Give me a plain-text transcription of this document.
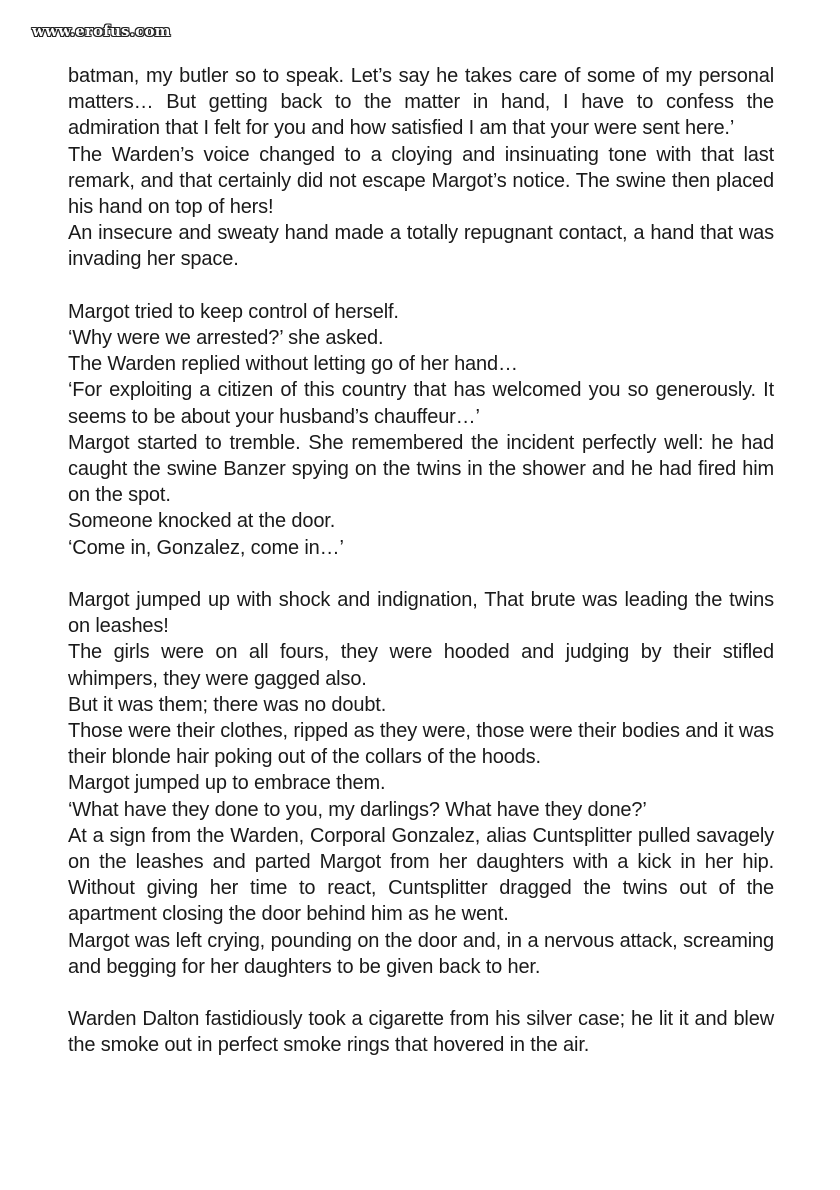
www.erofus.com

batman, my butler so to speak. Let’s say he takes care of some of my personal matters… But getting back to the matter in hand, I have to confess the admiration that I felt for you and how satisfied I am that your were sent here.’

The Warden’s voice changed to a cloying and insinuating tone with that last remark, and that certainly did not escape Margot’s notice. The swine then placed his hand on top of hers!

An insecure and sweaty hand made a totally repugnant contact, a hand that was invading her space.

Margot tried to keep control of herself.

‘Why were we arrested?’ she asked.

The Warden replied without letting go of her hand…

‘For exploiting a citizen of this country that has welcomed you so generously. It seems to be about your husband’s chauffeur…’

Margot started to tremble. She remembered the incident perfectly well: he had caught the swine Banzer spying on the twins in the shower and he had fired him on the spot.

Someone knocked at the door.

‘Come in, Gonzalez, come in…’

Margot jumped up with shock and indignation, That brute was leading the twins on leashes!

The girls were on all fours, they were hooded and judging by their stifled whimpers, they were gagged also.

But it was them; there was no doubt.

Those were their clothes, ripped as they were, those were their bodies and it was their blonde hair poking out of the collars of the hoods.

Margot jumped up to embrace them.

‘What have they done to you, my darlings? What have they done?’

At a sign from the Warden, Corporal Gonzalez, alias Cuntsplitter pulled savagely on the leashes and parted Margot from her daughters with a kick in her hip. Without giving her time to react, Cuntsplitter dragged the twins out of the apartment closing the door behind him as he went.

Margot was left crying, pounding on the door and, in a nervous attack, screaming and begging for her daughters to be given back to her.

Warden Dalton fastidiously took a cigarette from his silver case; he lit it and blew the smoke out in perfect smoke rings that hovered in the air.
